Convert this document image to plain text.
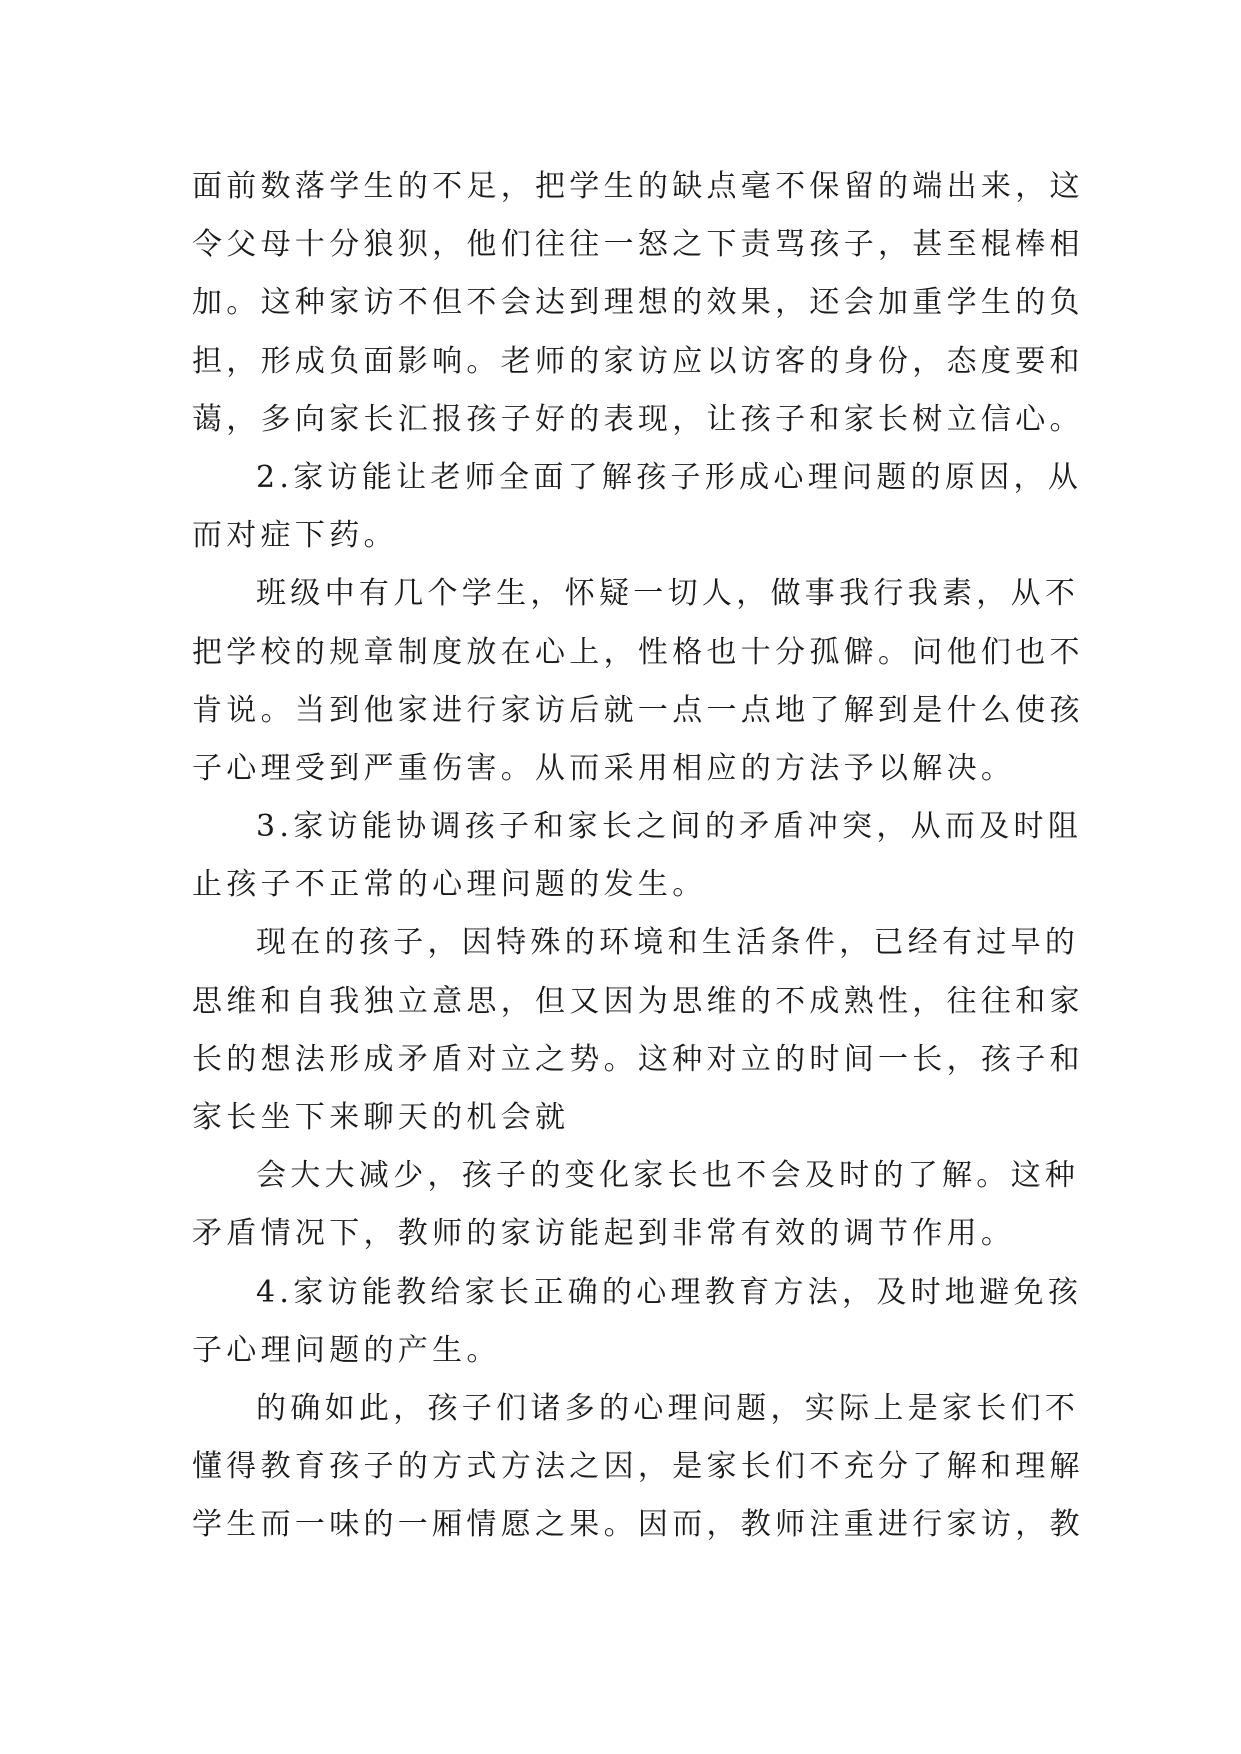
面前数落学生的不足，把学生的缺点毫不保留的端出来，这
令父母十分狼狈，他们往往一怒之下责骂孩子，甚至棍棒相
加。这种家访不但不会达到理想的效果，还会加重学生的负
担，形成负面影响。老师的家访应以访客的身份，态度要和
蔼，多向家长汇报孩子好的表现，让孩子和家长树立信心。
2.家访能让老师全面了解孩子形成心理问题的原因，从
而对症下药。
班级中有几个学生，怀疑一切人，做事我行我素，从不
把学校的规章制度放在心上，性格也十分孤僻。问他们也不
肯说。当到他家进行家访后就一点一点地了解到是什么使孩
子心理受到严重伤害。从而采用相应的方法予以解决。
3.家访能协调孩子和家长之间的矛盾冲突，从而及时阻
止孩子不正常的心理问题的发生。
现在的孩子，因特殊的环境和生活条件，已经有过早的
思维和自我独立意思，但又因为思维的不成熟性，往往和家
长的想法形成矛盾对立之势。这种对立的时间一长，孩子和
家长坐下来聊天的机会就
会大大减少，孩子的变化家长也不会及时的了解。这种
矛盾情况下，教师的家访能起到非常有效的调节作用。
4.家访能教给家长正确的心理教育方法，及时地避免孩
子心理问题的产生。
的确如此，孩子们诸多的心理问题，实际上是家长们不
懂得教育孩子的方式方法之因，是家长们不充分了解和理解
学生而一味的一厢情愿之果。因而，教师注重进行家访，教
